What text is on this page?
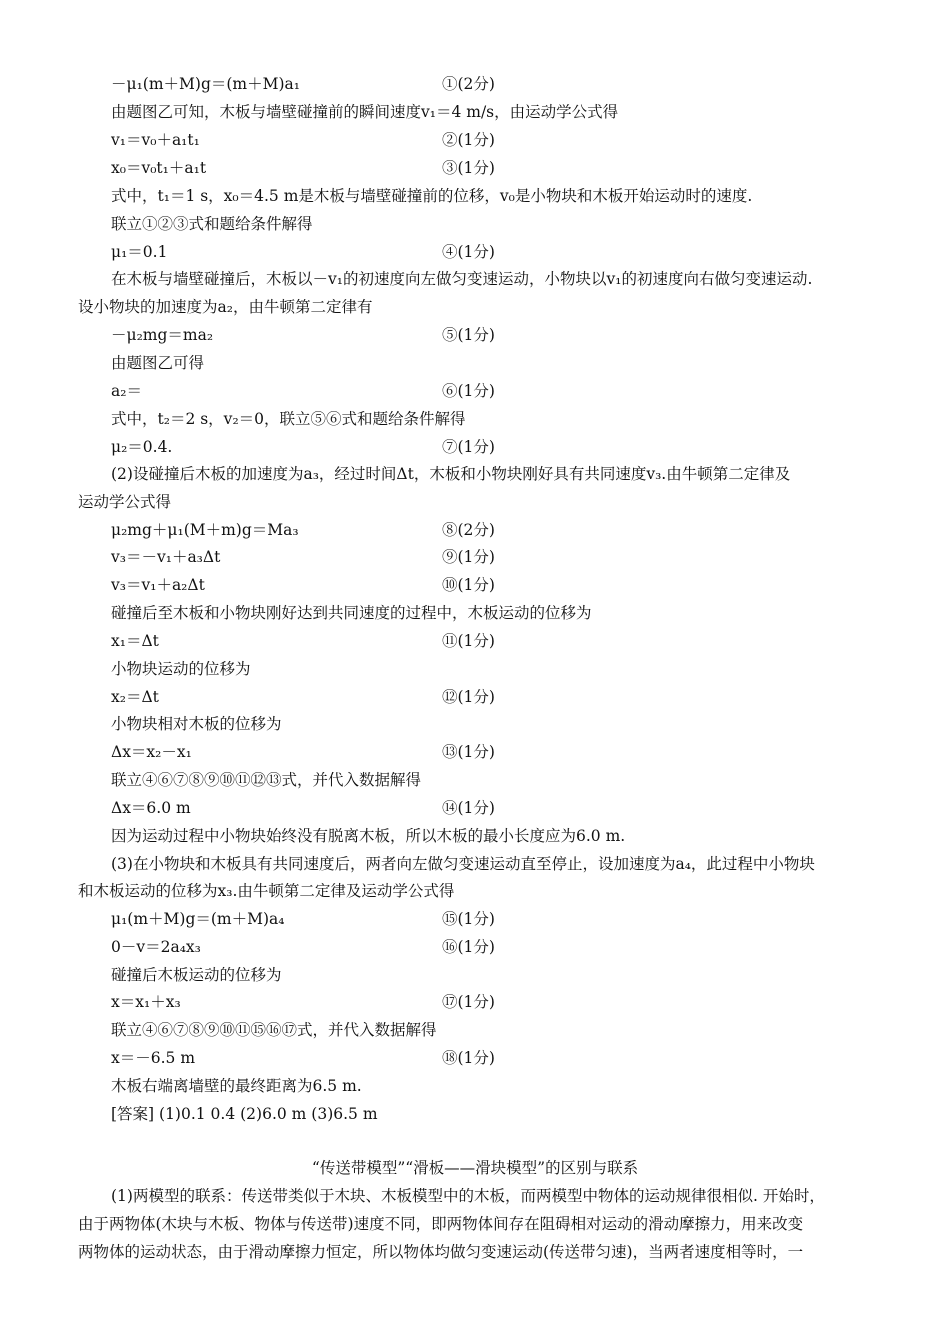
－μ₁(m＋M)g＝(m＋M)a₁	①(2分)
由题图乙可知，木板与墙壁碰撞前的瞬间速度v₁＝4 m/s，由运动学公式得
v₁＝v₀＋a₁t₁	②(1分)
x₀＝v₀t₁＋a₁t	③(1分)
式中，t₁＝1 s，x₀＝4.5 m是木板与墙壁碰撞前的位移，v₀是小物块和木板开始运动时的速度.
联立①②③式和题给条件解得
μ₁＝0.1	④(1分)
在木板与墙壁碰撞后，木板以－v₁的初速度向左做匀变速运动，小物块以v₁的初速度向右做匀变速运动.
设小物块的加速度为a₂，由牛顿第二定律有
－μ₂mg＝ma₂	⑤(1分)
由题图乙可得
a₂＝	⑥(1分)
式中，t₂＝2 s，v₂＝0，联立⑤⑥式和题给条件解得
μ₂＝0.4.	⑦(1分)
(2)设碰撞后木板的加速度为a₃，经过时间Δt，木板和小物块刚好具有共同速度v₃.由牛顿第二定律及
运动学公式得
μ₂mg＋μ₁(M＋m)g＝Ma₃	⑧(2分)
v₃＝－v₁＋a₃Δt	⑨(1分)
v₃＝v₁＋a₂Δt	⑩(1分)
碰撞后至木板和小物块刚好达到共同速度的过程中，木板运动的位移为
x₁＝Δt	⑪(1分)
小物块运动的位移为
x₂＝Δt	⑫(1分)
小物块相对木板的位移为
Δx＝x₂－x₁	⑬(1分)
联立④⑥⑦⑧⑨⑩⑪⑫⑬式，并代入数据解得
Δx＝6.0 m	⑭(1分)
因为运动过程中小物块始终没有脱离木板，所以木板的最小长度应为6.0 m.
(3)在小物块和木板具有共同速度后，两者向左做匀变速运动直至停止，设加速度为a₄，此过程中小物块
和木板运动的位移为x₃.由牛顿第二定律及运动学公式得
μ₁(m＋M)g＝(m＋M)a₄	⑮(1分)
0－v＝2a₄x₃	⑯(1分)
碰撞后木板运动的位移为
x＝x₁＋x₃	⑰(1分)
联立④⑥⑦⑧⑨⑩⑪⑮⑯⑰式，并代入数据解得
x＝－6.5 m	⑱(1分)
木板右端离墙壁的最终距离为6.5 m.
[答案] (1)0.1 0.4 (2)6.0 m (3)6.5 m
“传送带模型”“滑板——滑块模型”的区别与联系
(1)两模型的联系：传送带类似于木块、木板模型中的木板，而两模型中物体的运动规律很相似. 开始时，
由于两物体(木块与木板、物体与传送带)速度不同，即两物体间存在阻碍相对运动的滑动摩擦力，用来改变
两物体的运动状态，由于滑动摩擦力恒定，所以物体均做匀变速运动(传送带匀速)，当两者速度相等时，一
